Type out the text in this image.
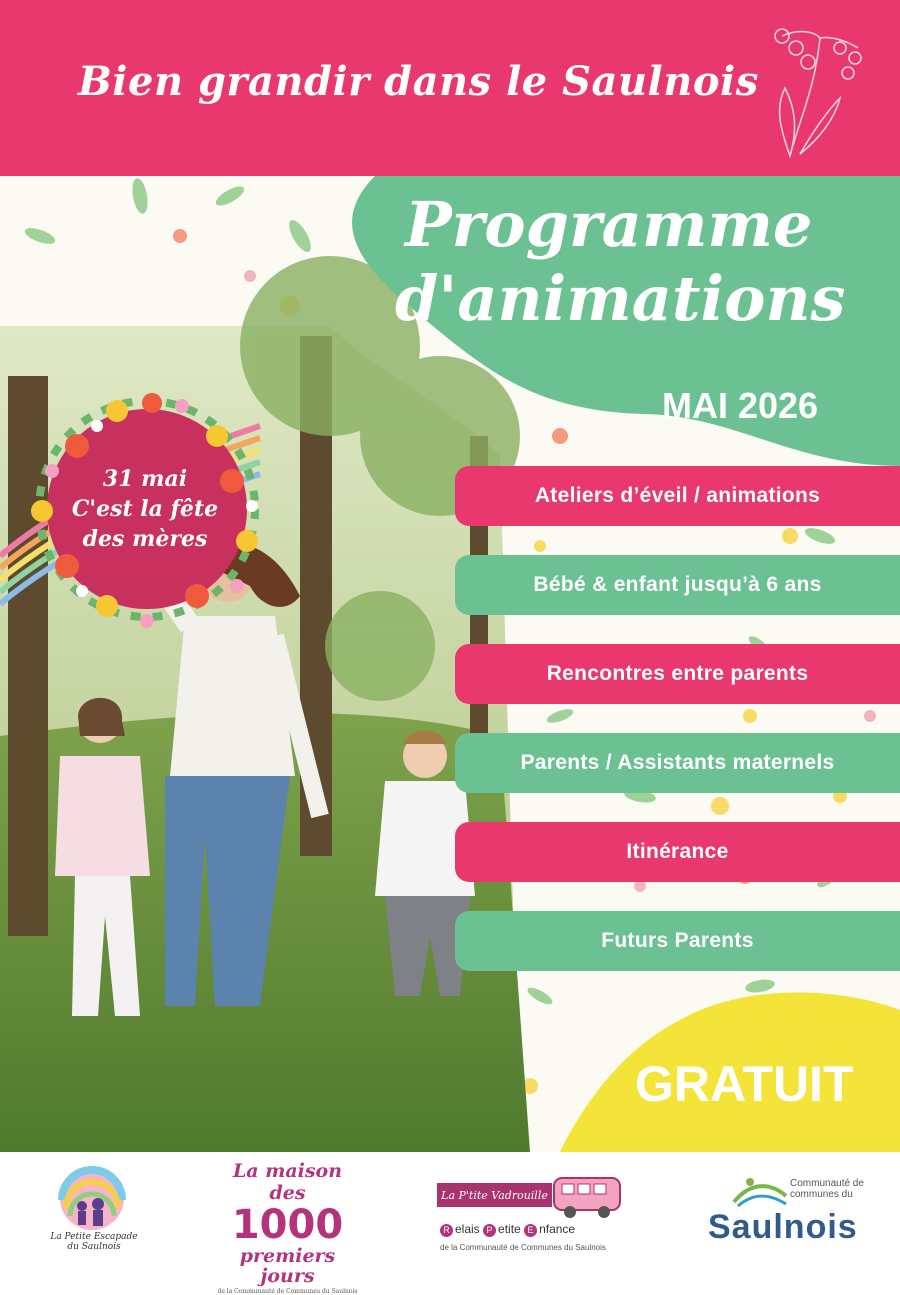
Bien grandir dans le Saulnois
31 mai
C'est la fête
des mères
Programme
d'animations
MAI 2026
Ateliers d’éveil / animations
Bébé & enfant jusqu’à 6 ans
Rencontres entre parents
Parents / Assistants maternels
Itinérance
Futurs Parents
GRATUIT
La Petite Escapade
du Saulnois
La maison des
1000
premiers jours
de la Communauté de Communes du Saulnois
La P'tite Vadrouille
R elais P etite E nfance
de la Communauté de Communes du Saulnois
Communauté de communes du
Saulnois
